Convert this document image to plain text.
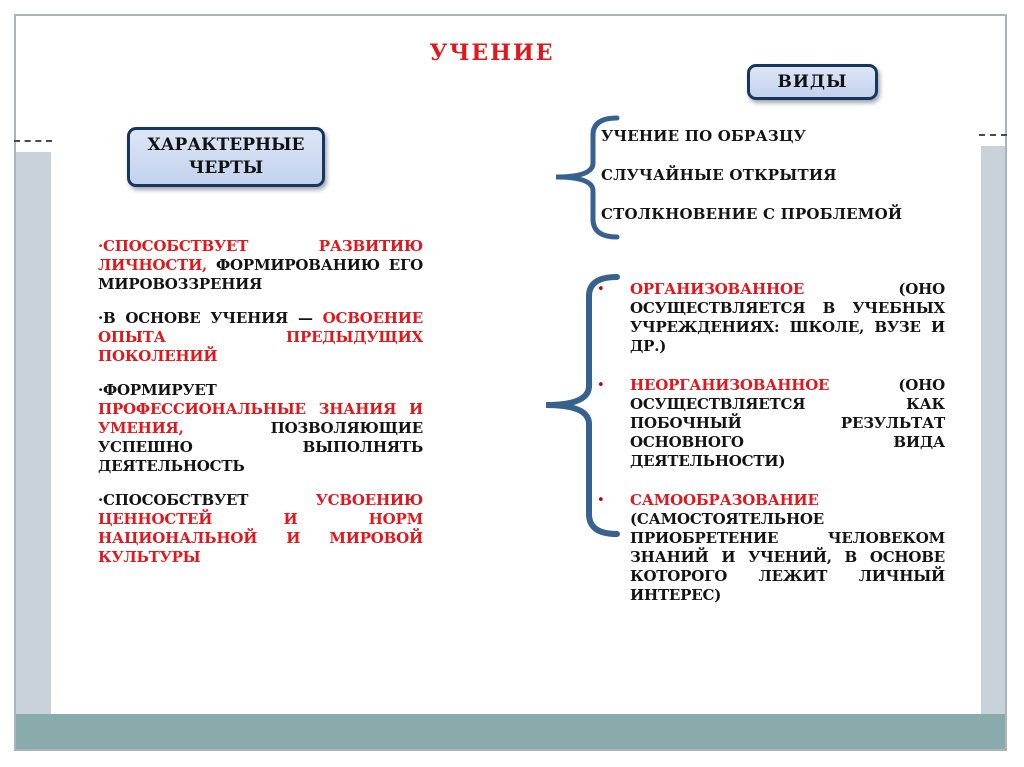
УЧЕНИЕ
ВИДЫ
ХАРАКТЕРНЫЕ ЧЕРТЫ
УЧЕНИЕ ПО ОБРАЗЦУ
СЛУЧАЙНЫЕ ОТКРЫТИЯ
СТОЛКНОВЕНИЕ С ПРОБЛЕМОЙ

·СПОСОБСТВУЕТ РАЗВИТИЮ ЛИЧНОСТИ, ФОРМИРОВАНИЮ ЕГО МИРОВОЗЗРЕНИЯ

·В ОСНОВЕ УЧЕНИЯ — ОСВОЕНИЕ ОПЫТА ПРЕДЫДУЩИХ ПОКОЛЕНИЙ

·ФОРМИРУЕТ ПРОФЕССИОНАЛЬНЫЕ ЗНАНИЯ И УМЕНИЯ, ПОЗВОЛЯЮЩИЕ УСПЕШНО ВЫПОЛНЯТЬ ДЕЯТЕЛЬНОСТЬ

·СПОСОБСТВУЕТ УСВОЕНИЮ ЦЕННОСТЕЙ И НОРМ НАЦИОНАЛЬНОЙ И МИРОВОЙ КУЛЬТУРЫ

•	ОРГАНИЗОВАННОЕ (ОНО ОСУЩЕСТВЛЯЕТСЯ В УЧЕБНЫХ УЧРЕЖДЕНИЯХ: ШКОЛЕ, ВУЗЕ И ДР.)
•	НЕОРГАНИЗОВАННОЕ (ОНО ОСУЩЕСТВЛЯЕТСЯ КАК ПОБОЧНЫЙ РЕЗУЛЬТАТ ОСНОВНОГО ВИДА ДЕЯТЕЛЬНОСТИ)
•	САМООБРАЗОВАНИЕ (САМОСТОЯТЕЛЬНОЕ ПРИОБРЕТЕНИЕ ЧЕЛОВЕКОМ ЗНАНИЙ И УЧЕНИЙ, В ОСНОВЕ КОТОРОГО ЛЕЖИТ ЛИЧНЫЙ ИНТЕРЕС)
